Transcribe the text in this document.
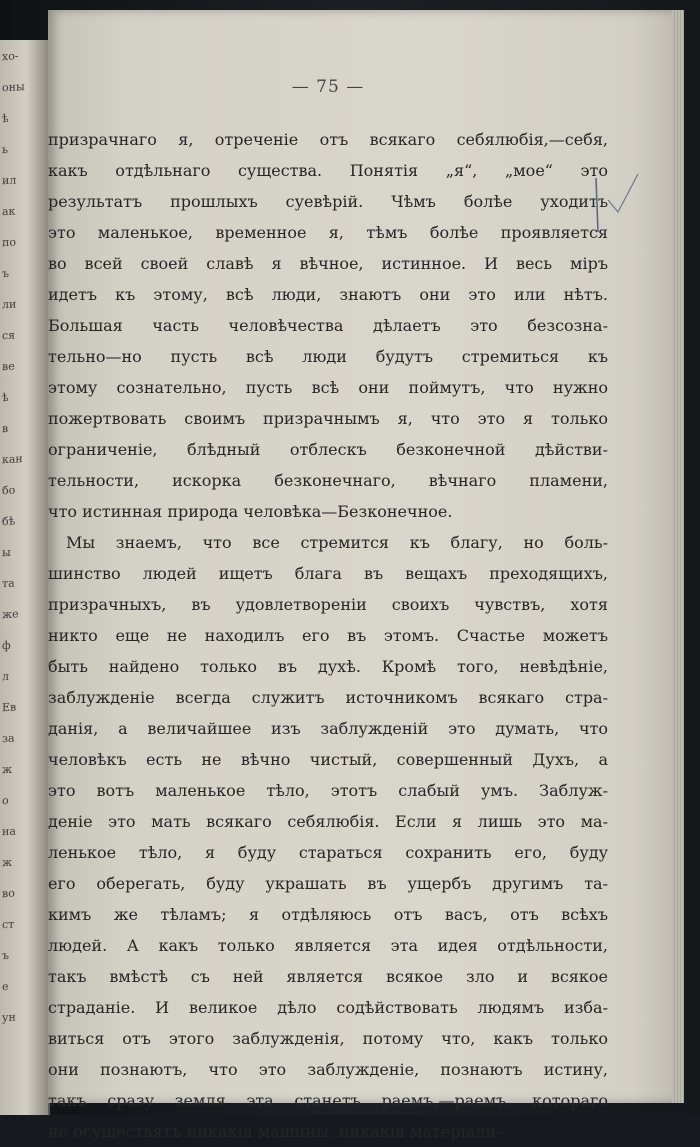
хо-
оны
ѣ
ь
ил
ак
по
ъ
ли
ся
ве
ѣ
в
кан
бо
бѣ
ы
та
же
ф
л
Ев
за
ж
о
на
ж
во
ст
ъ
е
ун
— 75 —
призрачнаго я, отреченіе отъ всякаго себялюбія,—себя,
какъ отдѣльнаго существа. Понятія „я“, „мое“ это
результатъ прошлыхъ суевѣрій. Чѣмъ болѣе уходитъ
это маленькое, временное я, тѣмъ болѣе проявляется
во всей своей славѣ я вѣчное, истинное. И весь міръ
идетъ къ этому, всѣ люди, знаютъ они это или нѣтъ.
Большая часть человѣчества дѣлаетъ это безсозна-
тельно—но пусть всѣ люди будутъ стремиться къ
этому сознательно, пусть всѣ они поймутъ, что нужно
пожертвовать своимъ призрачнымъ я, что это я только
ограниченіе, блѣдный отблескъ безконечной дѣйстви-
тельности, искорка безконечнаго, вѣчнаго пламени,
что истинная природа человѣка—Безконечное.
Мы знаемъ, что все стремится къ благу, но боль-
шинство людей ищетъ блага въ вещахъ преходящихъ,
призрачныхъ, въ удовлетвореніи своихъ чувствъ, хотя
никто еще не находилъ его въ этомъ. Счастье можетъ
быть найдено только въ духѣ. Кромѣ того, невѣдѣніе,
заблужденіе всегда служитъ источникомъ всякаго стра-
данія, а величайшее изъ заблужденій это думать, что
человѣкъ есть не вѣчно чистый, совершенный Духъ, а
это вотъ маленькое тѣло, этотъ слабый умъ. Заблуж-
деніе это мать всякаго себялюбія. Если я лишь это ма-
ленькое тѣло, я буду стараться сохранить его, буду
его оберегать, буду украшать въ ущербъ другимъ та-
кимъ же тѣламъ; я отдѣляюсь отъ васъ, отъ всѣхъ
людей. А какъ только является эта идея отдѣльности,
такъ вмѣстѣ съ ней является всякое зло и всякое
страданіе. И великое дѣло содѣйствовать людямъ избa-
виться отъ этого заблужденія, потому что, какъ только
они познаютъ, что это заблужденіе, познаютъ истину,
такъ сразу земля эта станетъ раемъ,—раемъ, котораго
не осуществятъ никакія машины, никакія матеріали-
